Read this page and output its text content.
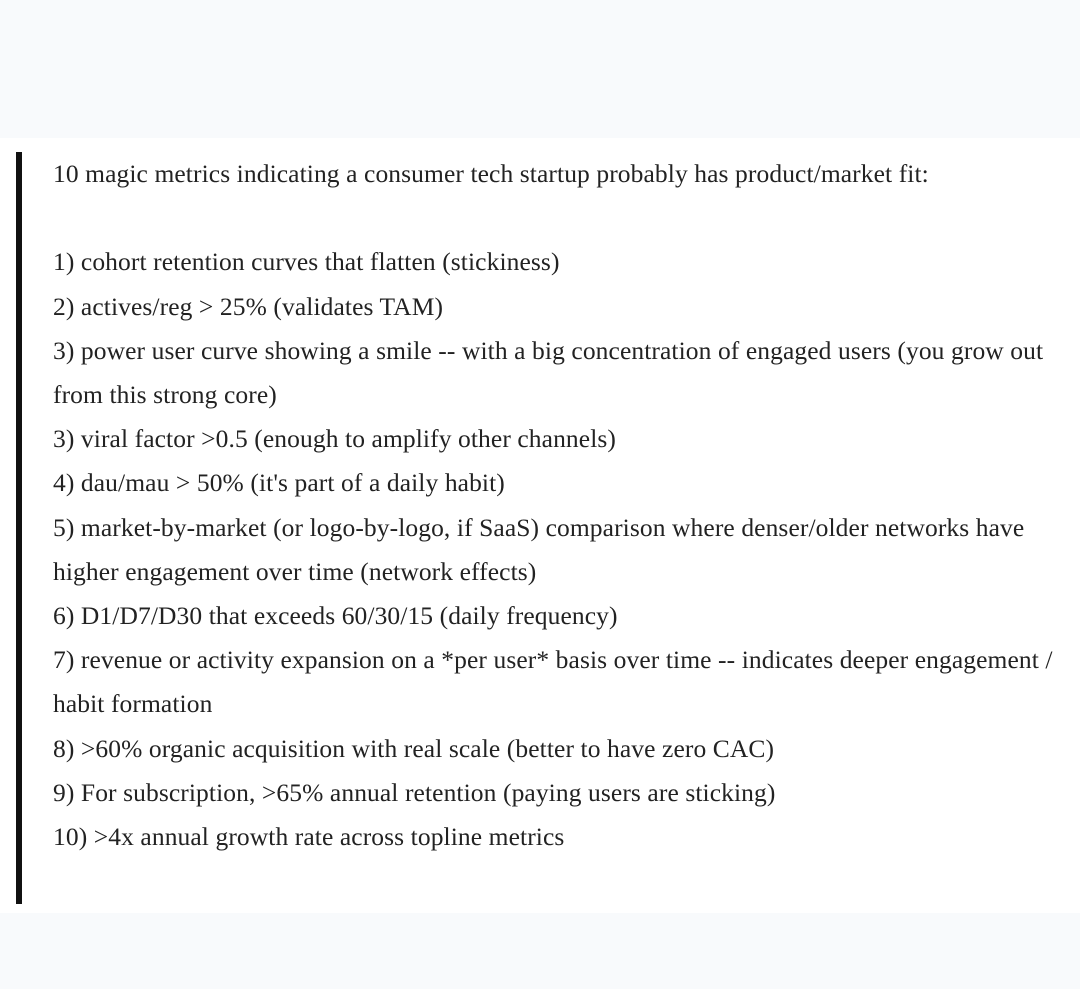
10 magic metrics indicating a consumer tech startup probably has product/market fit:

1) cohort retention curves that flatten (stickiness)

2) actives/reg > 25% (validates TAM)

3) power user curve showing a smile -- with a big concentration of engaged users (you grow out from this strong core)

3) viral factor >0.5 (enough to amplify other channels)

4) dau/mau > 50% (it's part of a daily habit)

5) market-by-market (or logo-by-logo, if SaaS) comparison where denser/older networks have higher engagement over time (network effects)

6) D1/D7/D30 that exceeds 60/30/15 (daily frequency)

7) revenue or activity expansion on a *per user* basis over time -- indicates deeper engagement / habit formation

8) >60% organic acquisition with real scale (better to have zero CAC)

9) For subscription, >65% annual retention (paying users are sticking)

10) >4x annual growth rate across topline metrics
